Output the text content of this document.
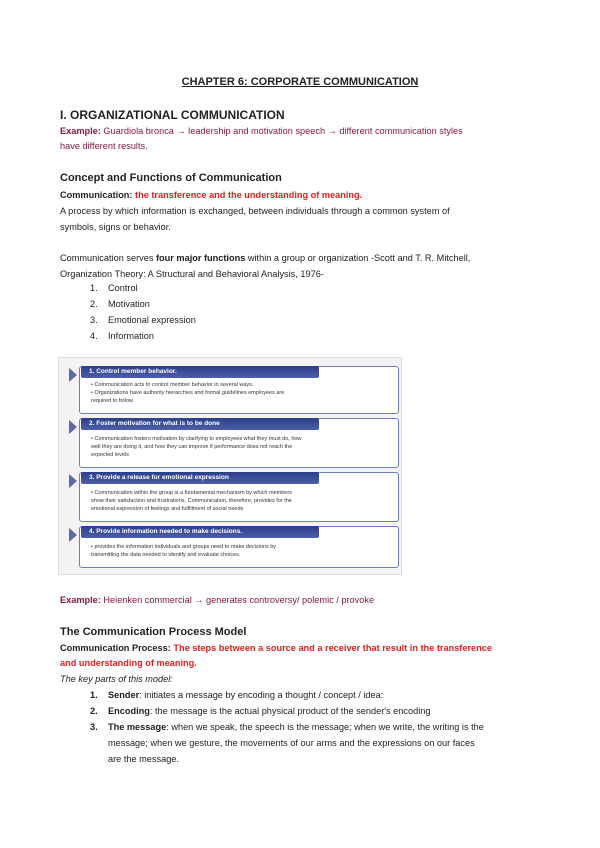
CHAPTER 6: CORPORATE COMMUNICATION
I. ORGANIZATIONAL COMMUNICATION
Example: Guardiola bronca → leadership and motivation speech → different communication styles
have different results.
Concept and Functions of Communication
Communication: the transference and the understanding of meaning.
A process by which information is exchanged, between individuals through a common system of
symbols, signs or behavior.
Communication serves four major functions within a group or organization -Scott and T. R. Mitchell,
Organization Theory: A Structural and Behavioral Analysis, 1976-
1. Control
2. Motivation
3. Emotional expression
4. Information
1. Control member behavior.
• Communication acts to control member behavior in several ways.
• Organizations have authority hierarchies and formal guidelines employees are
required to follow
2. Foster motivation for what is to be done
• Communication fosters motivation by clarifying to employees what they must do, how
well they are doing it, and how they can improve if performance does not reach the
expected levels
3. Provide a release for emotional expression
• Communication within the group is a fundamental mechanism by which members
show their satisfaction and frustrations. Communication, therefore, provides for the
emotional expression of feelings and fulfillment of social needs
4. Provide information needed to make decisions.
• provides the information individuals and groups need to make decisions by
transmitting the data needed to identify and evaluate choices.
Example: Heienken commercial → generates controversy/ polemic / provoke
The Communication Process Model
Communication Process: The steps between a source and a receiver that result in the transference
and understanding of meaning.
The key parts of this model:
1. Sender: initiates a message by encoding a thought / concept / idea:
2. Encoding: the message is the actual physical product of the sender's encoding
3. The message: when we speak, the speech is the message; when we write, the writing is the
message; when we gesture, the movements of our arms and the expressions on our faces
are the message.
